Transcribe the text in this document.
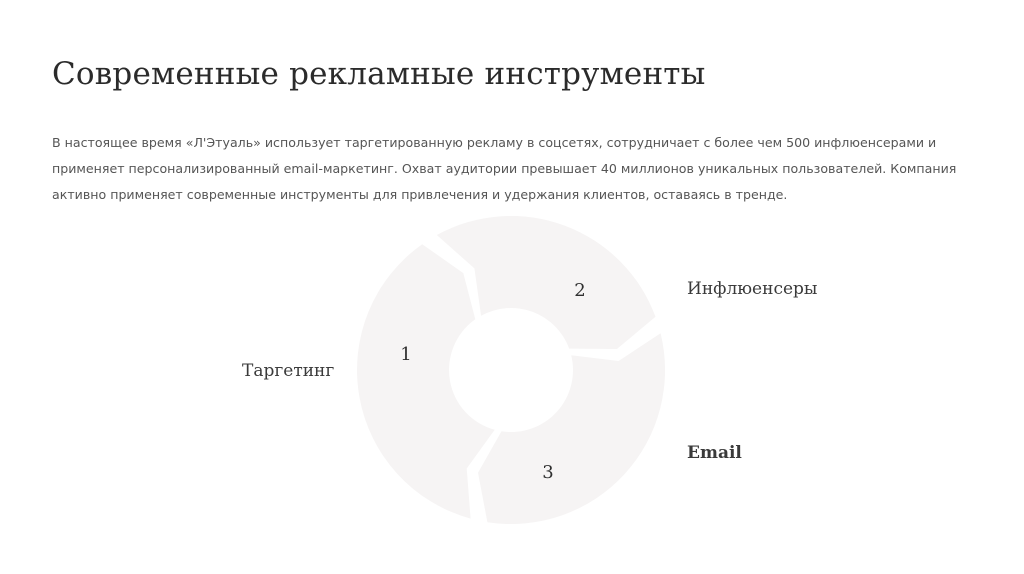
Современные рекламные инструменты

В настоящее время «Л'Этуаль» использует таргетированную рекламу в соцсетях, сотрудничает с более чем 500 инфлюенсерами и применяет персонализированный email-маркетинг. Охват аудитории превышает 40 миллионов уникальных пользователей. Компания активно применяет современные инструменты для привлечения и удержания клиентов, оставаясь в тренде.

1
2
3
Таргетинг
Инфлюенсеры
Email
